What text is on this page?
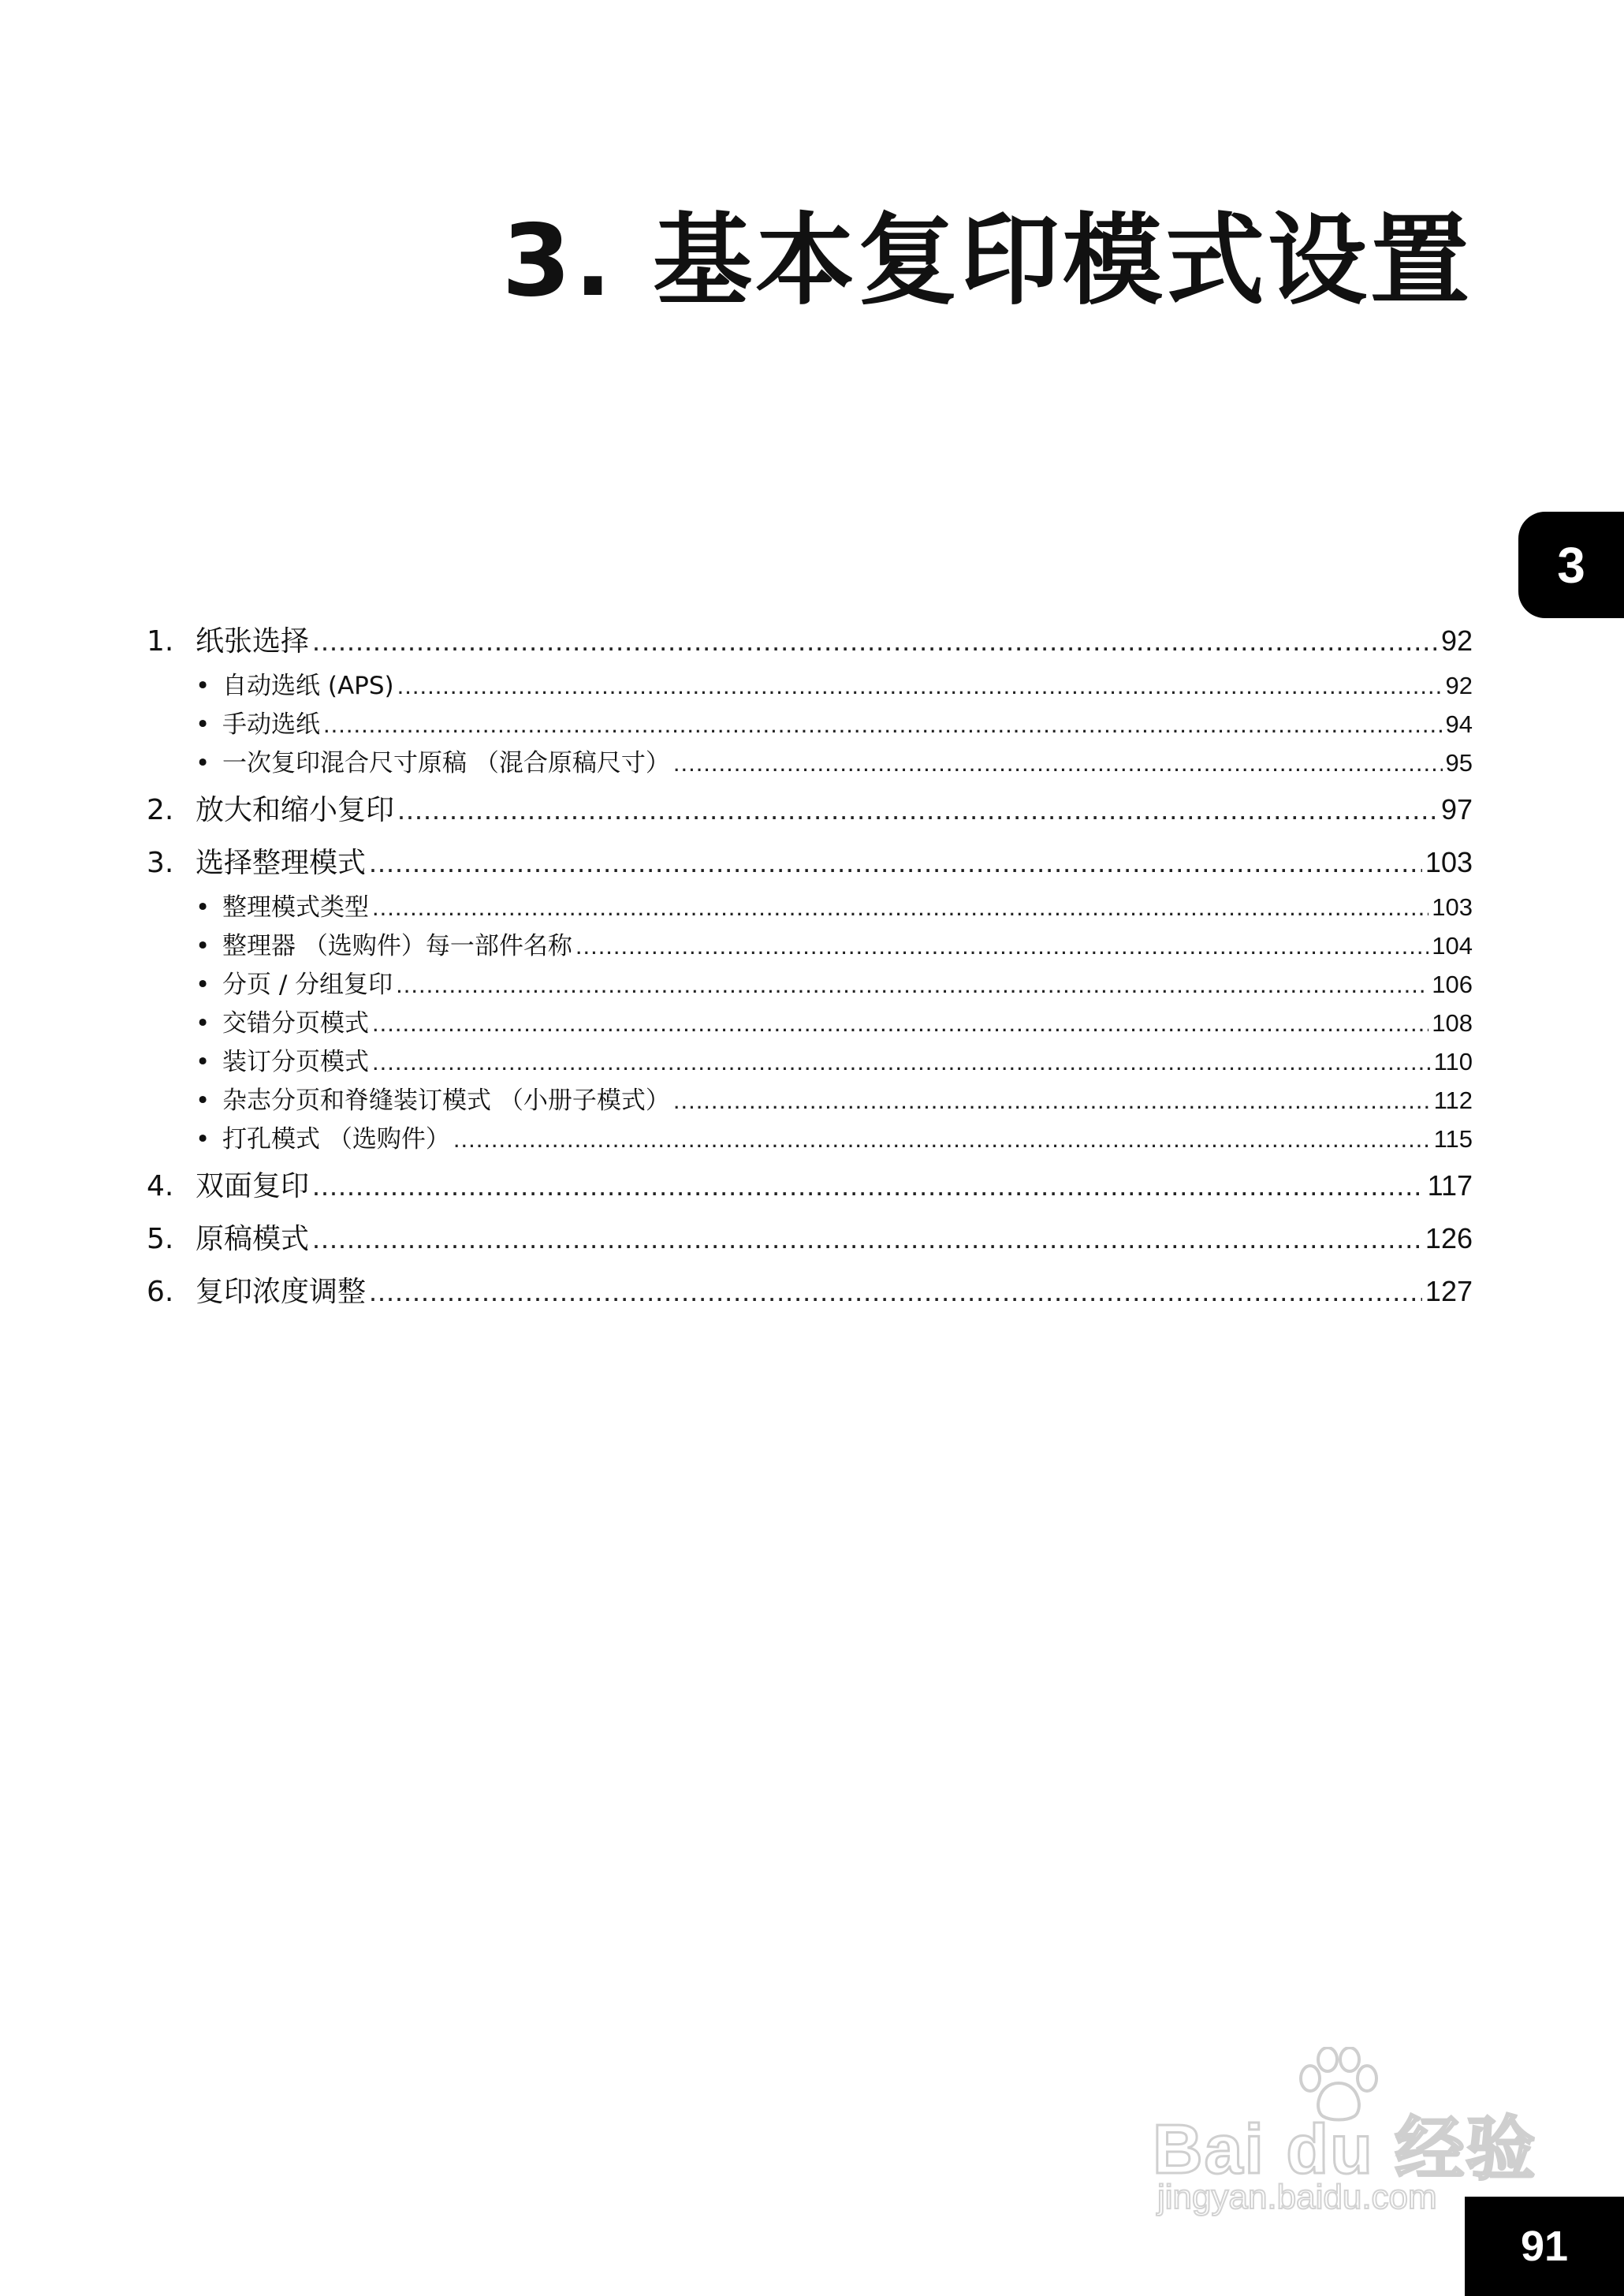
3. 基本复印模式设置
3
1. 纸张选择 .....	92
• 自动选纸 (APS) .....	92
• 手动选纸 .....	94
• 一次复印混合尺寸原稿 （混合原稿尺寸） .....	95
2. 放大和缩小复印 .....	97
3. 选择整理模式 .....	103
• 整理模式类型 .....	103
• 整理器 （选购件）每一部件名称 .....	104
• 分页 / 分组复印 .....	106
• 交错分页模式 .....	108
• 装订分页模式 .....	110
• 杂志分页和脊缝装订模式 （小册子模式） .....	112
• 打孔模式 （选购件） .....	115
4. 双面复印 .....	117
5. 原稿模式 .....	126
6. 复印浓度调整 .....	127
Bai du 经验
jingyan.baidu.com
91
